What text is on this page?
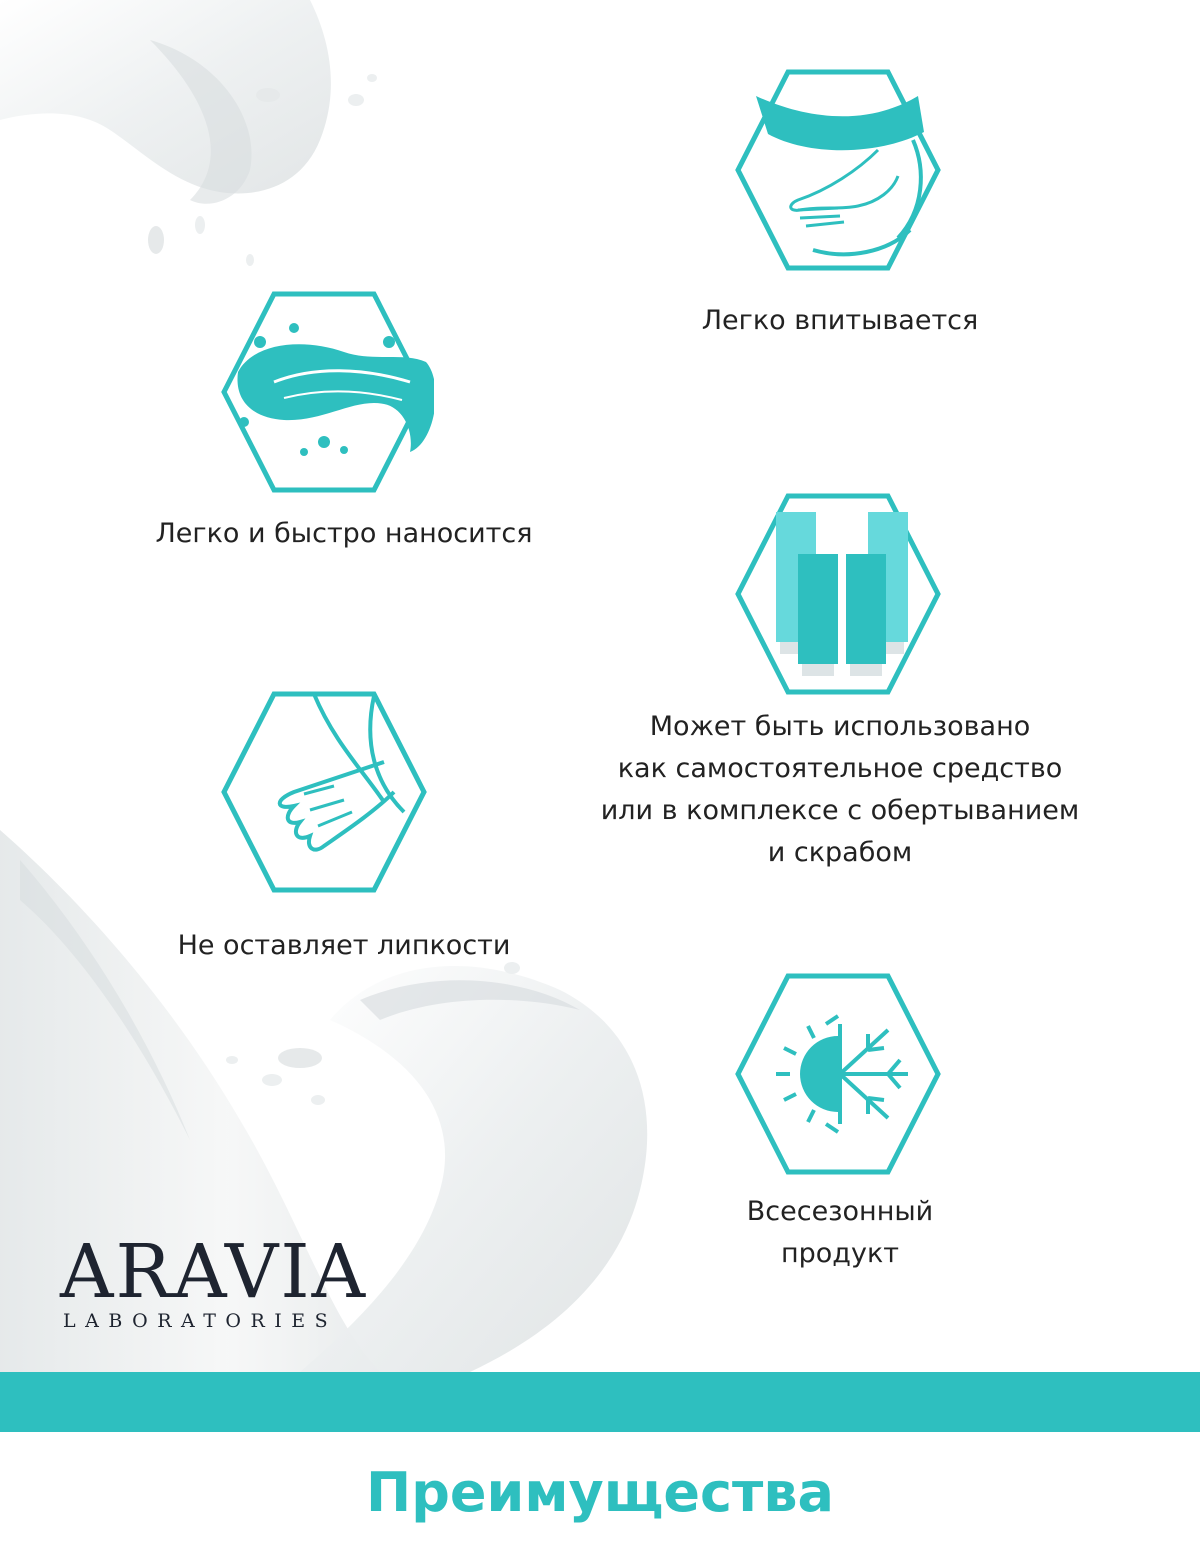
Легко впитывается
Легко и быстро наносится
Может быть использовано
как самостоятельное средство
или в комплексе с обертыванием
и скрабом
Не оставляет липкости
Всесезонный
продукт
ARAVIA
LABORATORIES
Преимущества
